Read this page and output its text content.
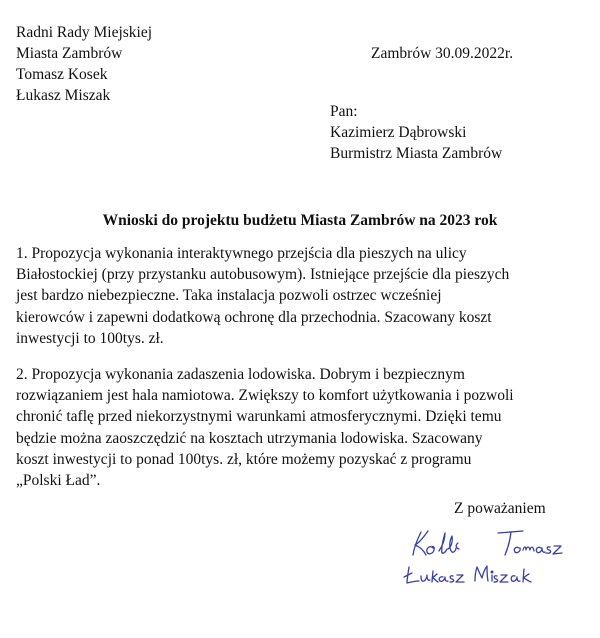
Radni Rady Miejskiej
Miasta Zambrów
Tomasz Kosek
Łukasz Miszak
Zambrów 30.09.2022r.
Pan:
Kazimierz Dąbrowski
Burmistrz Miasta Zambrów
Wnioski do projektu budżetu Miasta Zambrów na 2023 rok

1. Propozycja wykonania interaktywnego przejścia dla pieszych na ulicy
Białostockiej (przy przystanku autobusowym). Istniejące przejście dla pieszych
jest bardzo niebezpieczne. Taka instalacja pozwoli ostrzec wcześniej
kierowców i zapewni dodatkową ochronę dla przechodnia. Szacowany koszt
inwestycji to 100tys. zł.

2. Propozycja wykonania zadaszenia lodowiska. Dobrym i bezpiecznym
rozwiązaniem jest hala namiotowa. Zwiększy to komfort użytkowania i pozwoli
chronić taflę przed niekorzystnymi warunkami atmosferycznymi. Dzięki temu
będzie można zaoszczędzić na kosztach utrzymania lodowiska. Szacowany
koszt inwestycji to ponad 100tys. zł, które możemy pozyskać z programu
„Polski Ład”.

Z poważaniem
